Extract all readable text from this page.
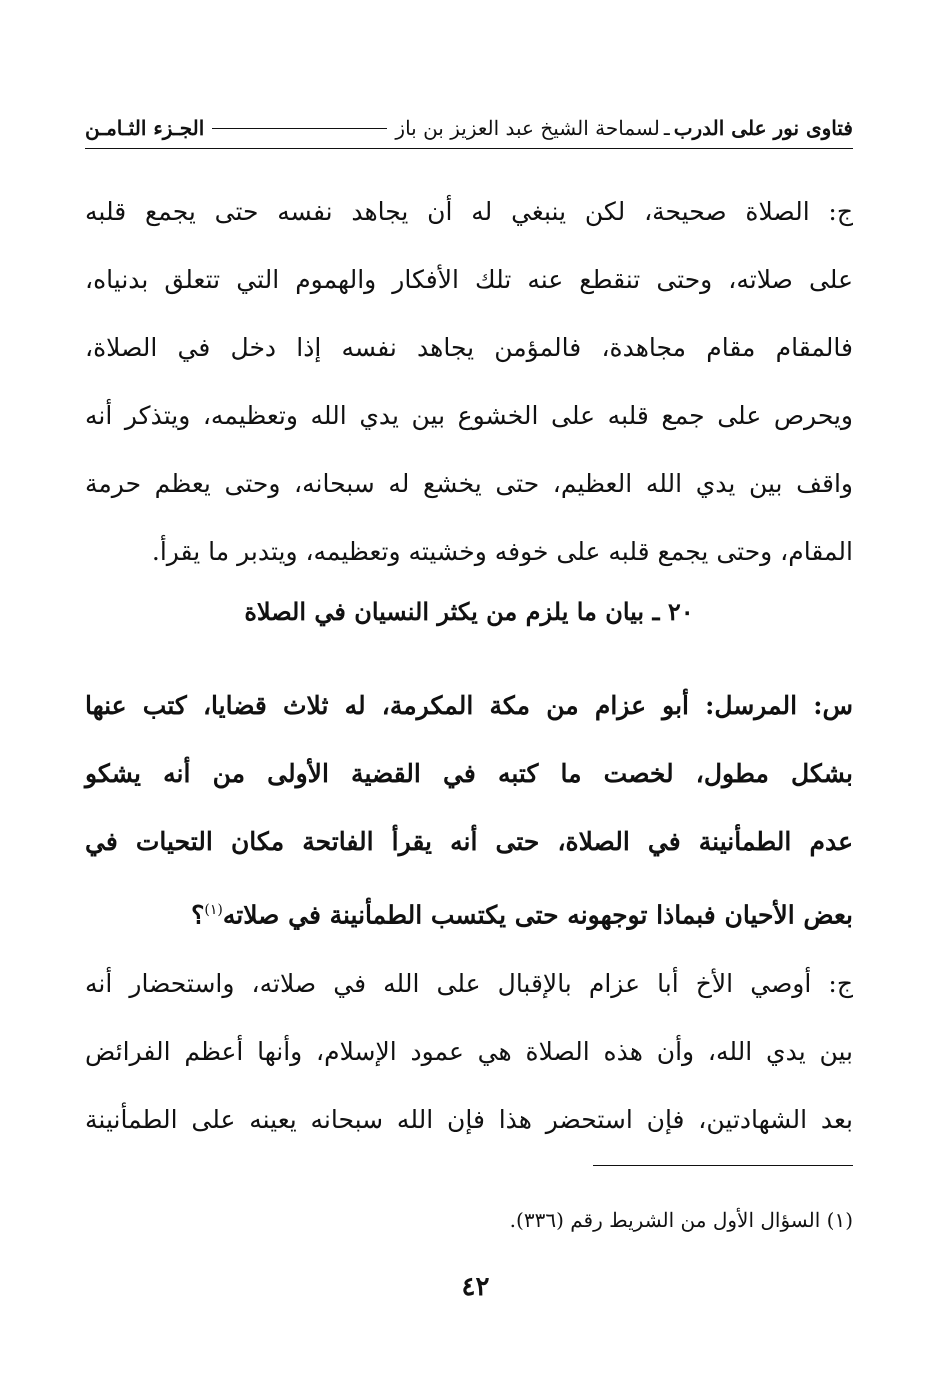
فتاوى نور على الدرب
ـ
لسماحة الشيخ عبد العزيز بن باز
الجـزء الثـامـن
ج: الصلاة صحيحة، لكن ينبغي له أن يجاهد نفسه حتى يجمع قلبه
على صلاته، وحتى تنقطع عنه تلك الأفكار والهموم التي تتعلق بدنياه،
فالمقام مقام مجاهدة، فالمؤمن يجاهد نفسه إذا دخل في الصلاة،
ويحرص على جمع قلبه على الخشوع بين يدي الله وتعظيمه، ويتذكر أنه
واقف بين يدي الله العظيم، حتى يخشع له سبحانه، وحتى يعظم حرمة
المقام، وحتى يجمع قلبه على خوفه وخشيته وتعظيمه، ويتدبر ما يقرأ.
٢٠ ـ بيان ما يلزم من يكثر النسيان في الصلاة
س: المرسل: أبو عزام من مكة المكرمة، له ثلاث قضايا، كتب عنها
بشكل مطول، لخصت ما كتبه في القضية الأولى من أنه يشكو
عدم الطمأنينة في الصلاة، حتى أنه يقرأ الفاتحة مكان التحيات في
بعض الأحيان فبماذا توجهونه حتى يكتسب الطمأنينة في صلاته$^{(١)}$؟
ج: أوصي الأخ أبا عزام بالإقبال على الله في صلاته، واستحضار أنه
بين يدي الله، وأن هذه الصلاة هي عمود الإسلام، وأنها أعظم الفرائض
بعد الشهادتين، فإن استحضر هذا فإن الله سبحانه يعينه على الطمأنينة
(١) السؤال الأول من الشريط رقم (٣٣٦).
٤٢
